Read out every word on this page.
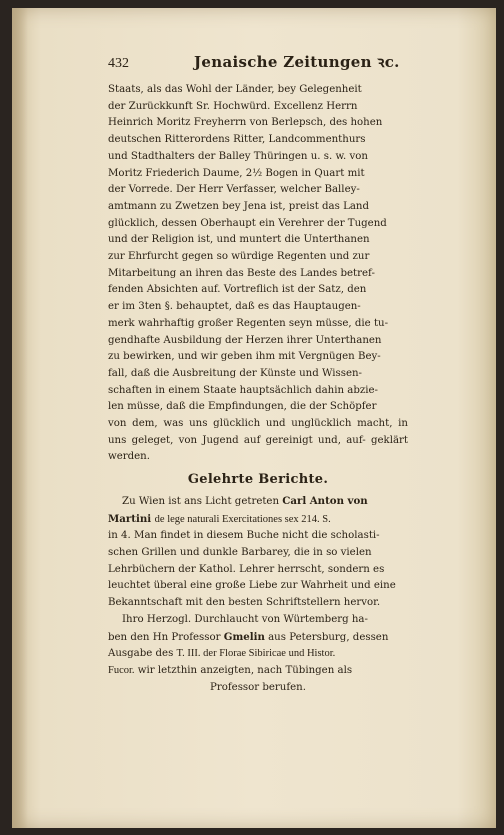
432	Jenaische Zeitungen ꝛc.

Staats, als das Wohl der Länder, bey Gelegenheit

der Zurückkunft Sr. Hochwürd. Excellenz Herrn

Heinrich Moritz Freyherrn von Berlepsch, des hohen

deutschen Ritterordens Ritter, Landcommenthurs

und Stadthalters der Balley Thüringen u. s. w. von

Moritz Friederich Daume, 2½ Bogen in Quart mit

der Vorrede. Der Herr Verfasser, welcher Balley-

amtmann zu Zwetzen bey Jena ist, preist das Land

glücklich, dessen Oberhaupt ein Verehrer der Tugend

und der Religion ist, und muntert die Unterthanen

zur Ehrfurcht gegen so würdige Regenten und zur

Mitarbeitung an ihren das Beste des Landes betref-

fenden Absichten auf. Vortreflich ist der Satz, den

er im 3ten §. behauptet, daß es das Hauptaugen-

merk wahrhaftig großer Regenten seyn müsse, die tu-

gendhafte Ausbildung der Herzen ihrer Unterthanen

zu bewirken, und wir geben ihm mit Vergnügen Bey-

fall, daß die Ausbreitung der Künste und Wissen-

schaften in einem Staate hauptsächlich dahin abzie-

len müsse, daß die Empfindungen, die der Schöpfer

von dem, was uns glücklich und unglücklich macht, in uns geleget, von Jugend auf gereinigt und, auf- geklärt werden.

Gelehrte Berichte.

Zu Wien ist ans Licht getreten Carl Anton von

Martini de lege naturali Exercitationes sex 214. S.

in 4. Man findet in diesem Buche nicht die scholasti-

schen Grillen und dunkle Barbarey, die in so vielen

Lehrbüchern der Kathol. Lehrer herrscht, sondern es

leuchtet überal eine große Liebe zur Wahrheit und eine

Bekanntschaft mit den besten Schriftstellern hervor.

Ihro Herzogl. Durchlaucht von Würtemberg ha-

ben den Hn Professor Gmelin aus Petersburg, dessen

Ausgabe des T. III. der Florae Sibiricae und Histor.

Fucor. wir letzthin anzeigten, nach Tübingen als

Professor berufen.
